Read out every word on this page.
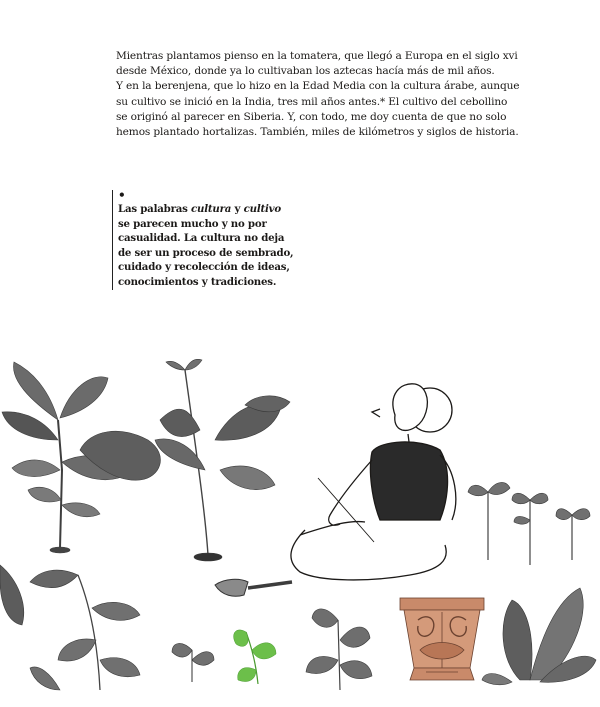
Mientras plantamos pienso en la tomatera, que llegó a Europa en el siglo xvi
desde México, donde ya lo cultivaban los aztecas hacía más de mil años.
Y en la berenjena, que lo hizo en la Edad Media con la cultura árabe, aunque
su cultivo se inició en la India, tres mil años antes.* El cultivo del cebollino
se originó al parecer en Siberia. Y, con todo, me doy cuenta de que no solo
hemos plantado hortalizas. También, miles de kilómetros y siglos de historia.
•
Las palabras cultura y cultivo
se parecen mucho y no por
casualidad. La cultura no deja
de ser un proceso de sembrado,
cuidado y recolección de ideas,
conocimientos y tradiciones.
